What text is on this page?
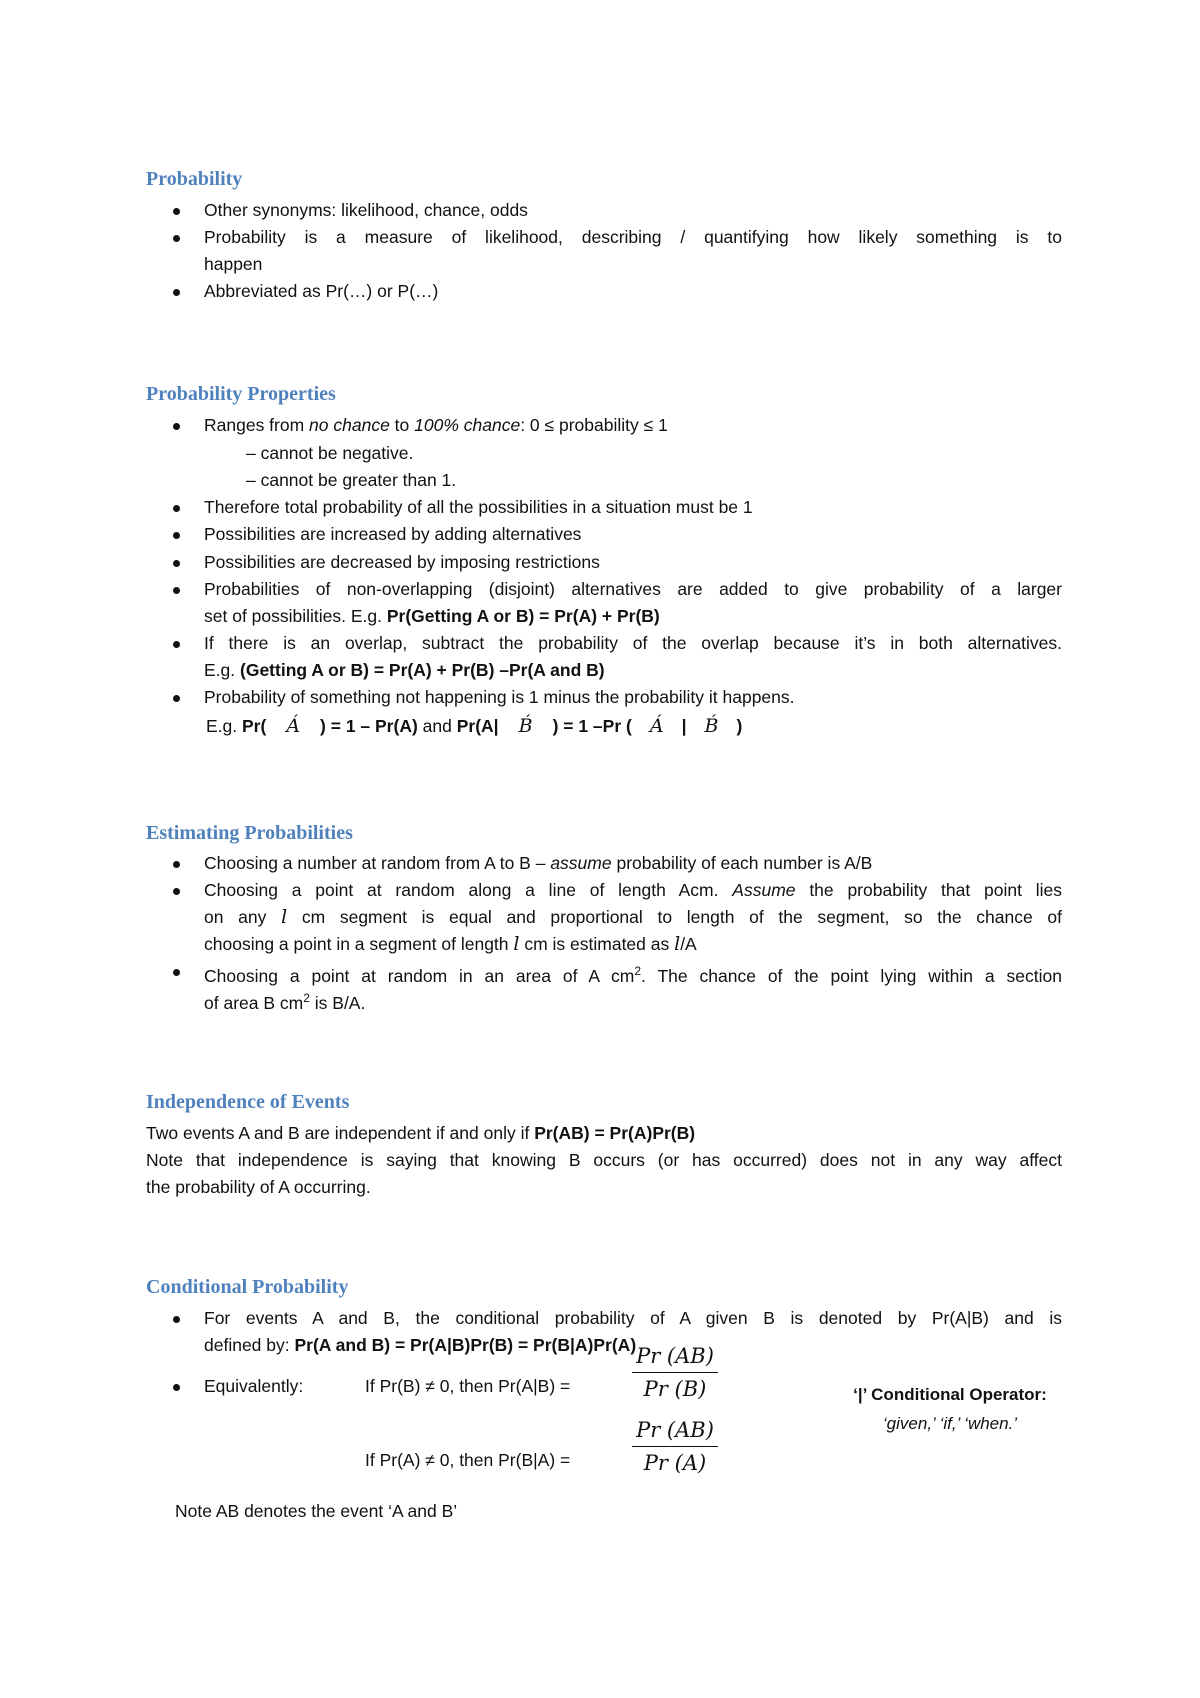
Probability
Other synonyms: likelihood, chance, odds
Probability is a measure of likelihood, describing / quantifying how likely something is to
happen
Abbreviated as Pr(…) or P(…)
Probability Properties
Ranges from no chance to 100% chance: 0 ≤ probability ≤ 1
– cannot be negative.
– cannot be greater than 1.
Therefore total probability of all the possibilities in a situation must be 1
Possibilities are increased by adding alternatives
Possibilities are decreased by imposing restrictions
Probabilities of non-overlapping (disjoint) alternatives are added to give probability of a larger
set of possibilities. E.g. Pr(Getting A or B) = Pr(A) + Pr(B)
If there is an overlap, subtract the probability of the overlap because it’s in both alternatives.
E.g. (Getting A or B) = Pr(A) + Pr(B) –Pr(A and B)
Probability of something not happening is 1 minus the probability it happens.
E.g. Pr( Á ) = 1 – Pr(A) and Pr(A| B́ ) = 1 –Pr ( Á | B́ )
Estimating Probabilities
Choosing a number at random from A to B – assume probability of each number is A/B
Choosing a point at random along a line of length Acm. Assume the probability that point lies
on any l cm segment is equal and proportional to length of the segment, so the chance of
choosing a point in a segment of length l cm is estimated as l/A
Choosing a point at random in an area of A $cm^2$. The chance of the point lying within a section
of area B $cm^2$ is B/A.
Independence of Events
Two events A and B are independent if and only if Pr(AB) = Pr(A)Pr(B)
Note that independence is saying that knowing B occurs (or has occurred) does not in any way affect
the probability of A occurring.
Conditional Probability
For events A and B, the conditional probability of A given B is denoted by Pr(A|B) and is
defined by: Pr(A and B) = Pr(A|B)Pr(B) = Pr(B|A)Pr(A)
Equivalently:	If Pr(B) ≠ 0, then Pr(A|B) =	$\frac{Pr (AB)}{Pr (B)}$
If Pr(A) ≠ 0, then Pr(B|A) =	$\frac{Pr (AB)}{Pr (A)}$
‘|’ Conditional Operator:
‘given,’ ‘if,’ ‘when.’
Note AB denotes the event ‘A and B’
